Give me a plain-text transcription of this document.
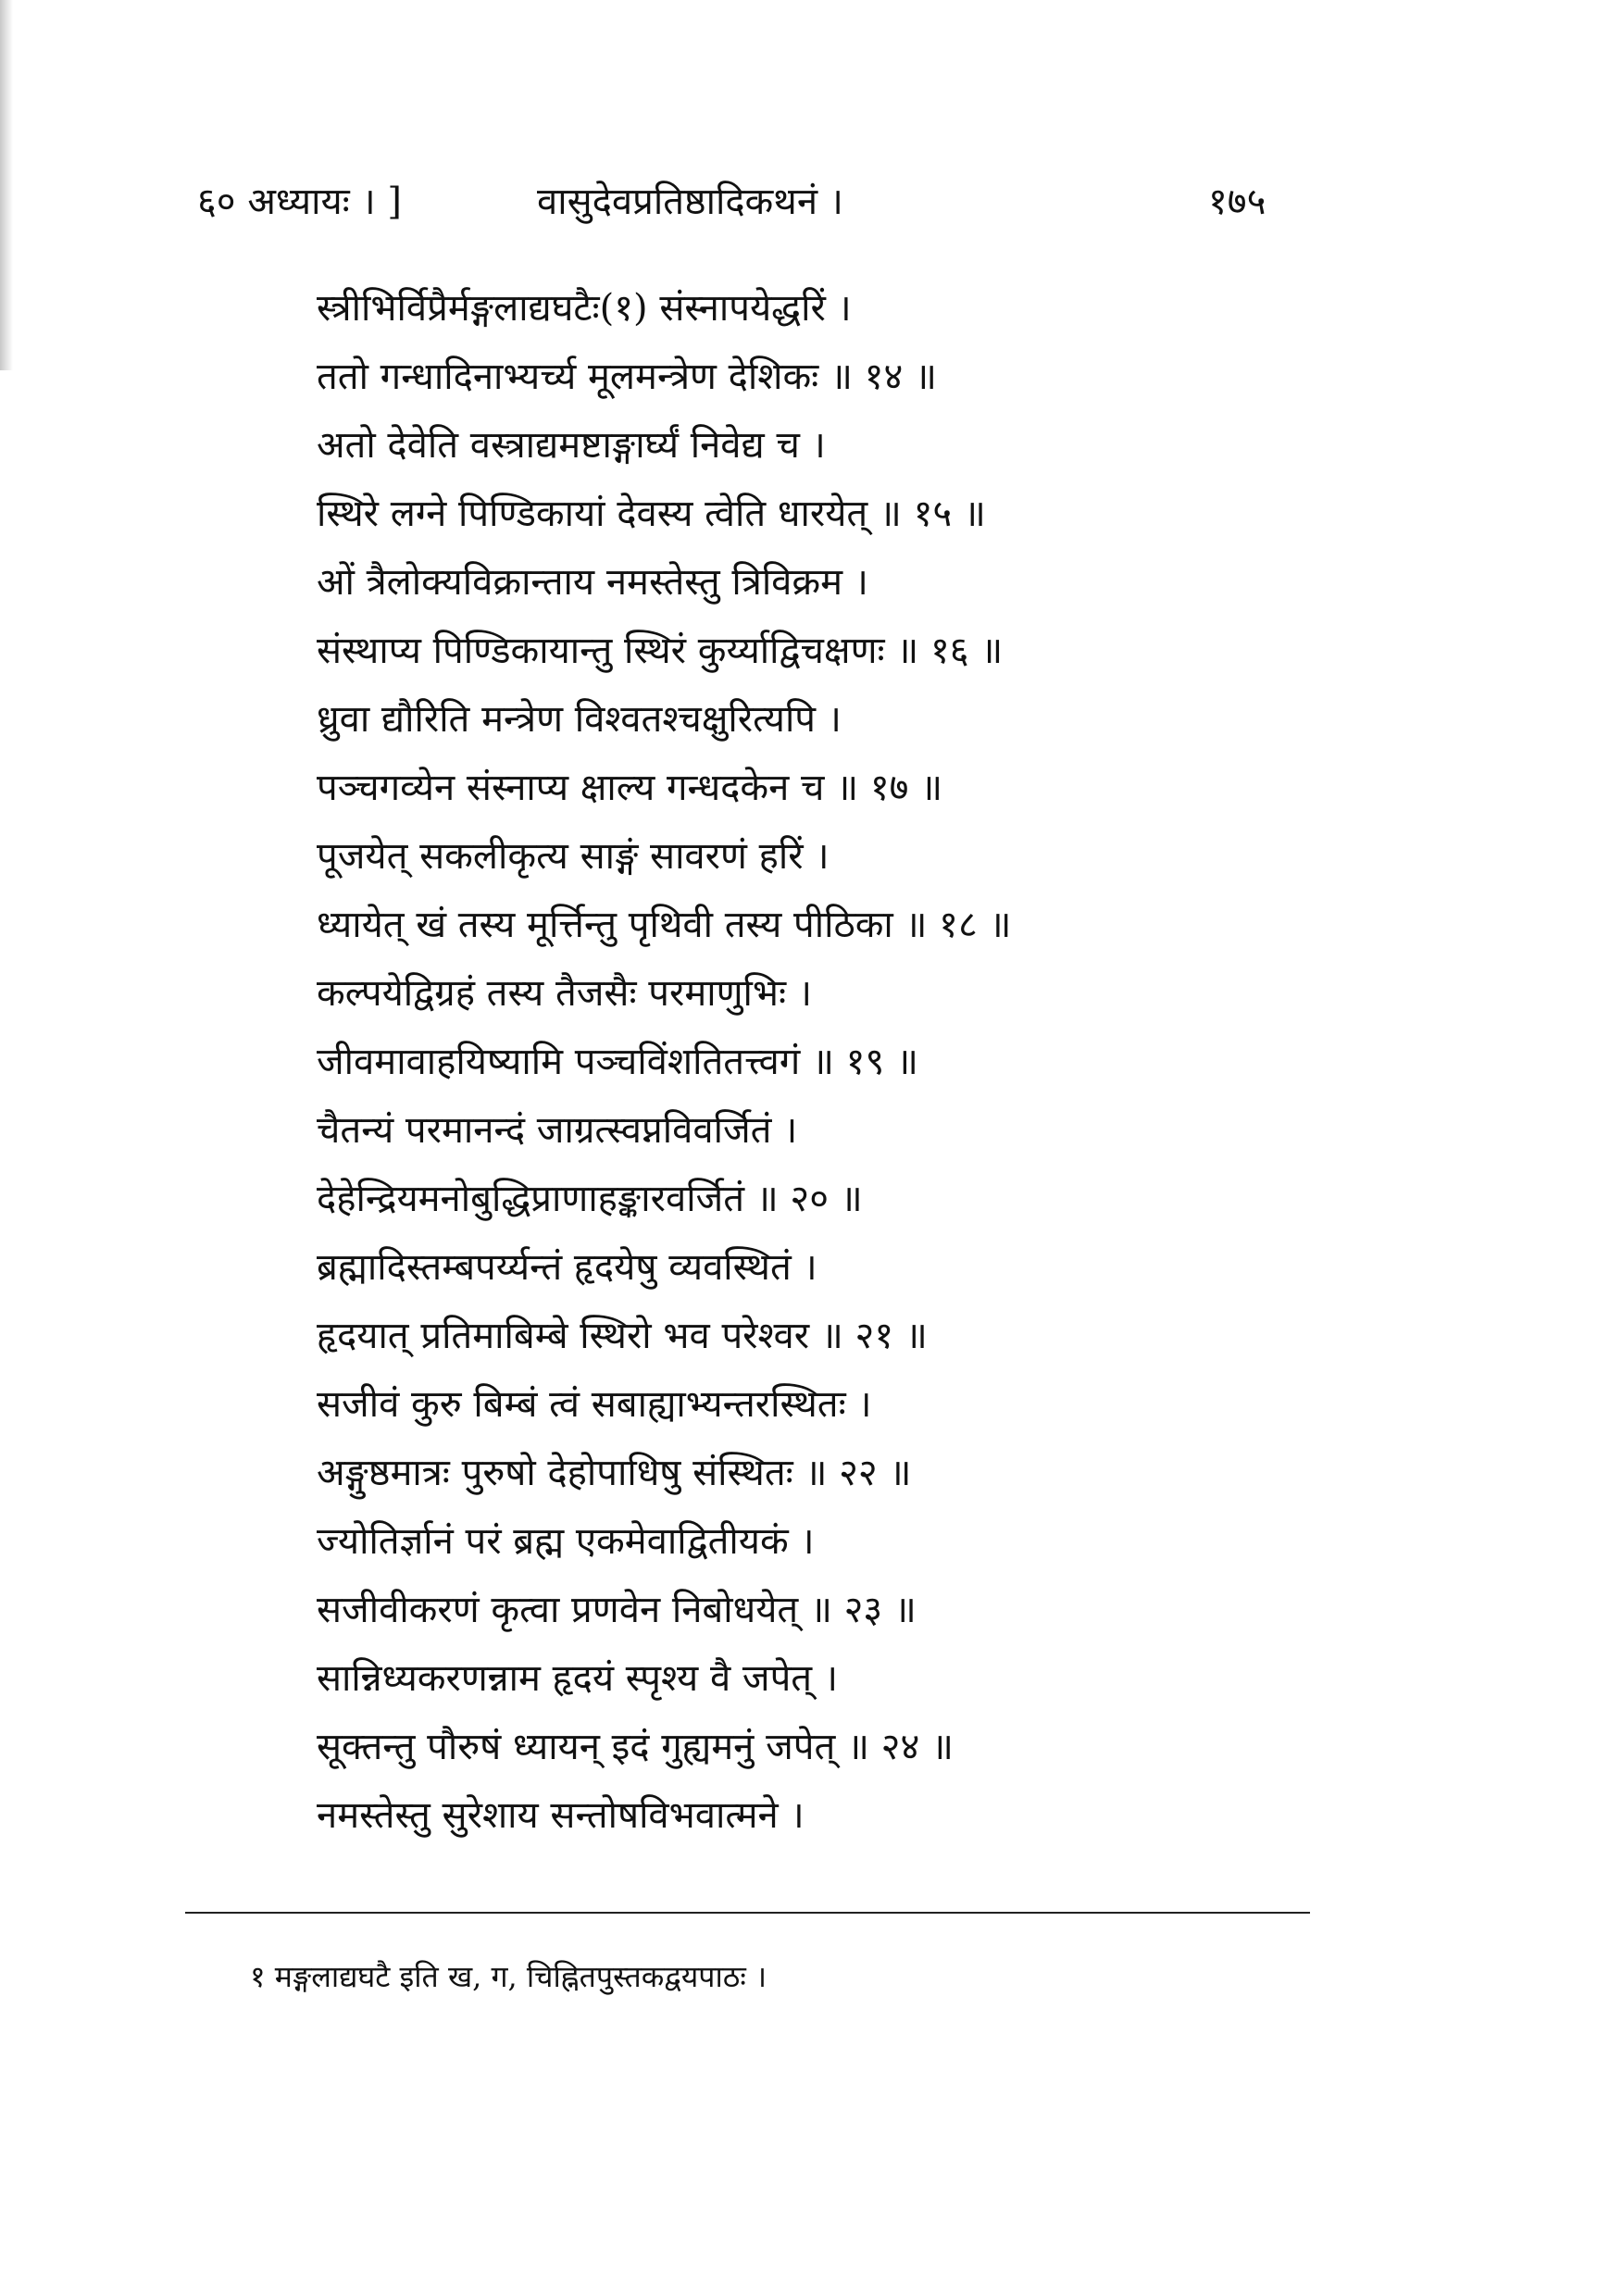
६० अध्यायः । ]	वासुदेवप्रतिष्ठादिकथनं ।	१७५
स्त्रीभिर्विप्रैर्मङ्गलाद्यघटैः(१) संस्नापयेद्धरिं ।
ततो गन्धादिनाभ्यर्च्य मूलमन्त्रेण देशिकः ॥ १४ ॥
अतो देवेति वस्त्राद्यमष्टाङ्गार्घ्यं निवेद्य च ।
स्थिरे लग्ने पिण्डिकायां देवस्य त्वेति धारयेत् ॥ १५ ॥
ओं त्रैलोक्यविक्रान्ताय नमस्तेस्तु त्रिविक्रम ।
संस्थाप्य पिण्डिकायान्तु स्थिरं कुर्य्याद्विचक्षणः ॥ १६ ॥
ध्रुवा द्यौरिति मन्त्रेण विश्वतश्चक्षुरित्यपि ।
पञ्चगव्येन संस्नाप्य क्षाल्य गन्धदकेन च ॥ १७ ॥
पूजयेत् सकलीकृत्य साङ्गं सावरणं हरिं ।
ध्यायेत् खं तस्य मूर्त्तिन्तु पृथिवी तस्य पीठिका ॥ १८ ॥
कल्पयेद्विग्रहं तस्य तैजसैः परमाणुभिः ।
जीवमावाहयिष्यामि पञ्चविंशतितत्त्वगं ॥ १९ ॥
चैतन्यं परमानन्दं जाग्रत्स्वप्नविवर्जितं ।
देहेन्द्रियमनोबुद्धिप्राणाहङ्कारवर्जितं ॥ २० ॥
ब्रह्मादिस्तम्बपर्य्यन्तं हृदयेषु व्यवस्थितं ।
हृदयात् प्रतिमाबिम्बे स्थिरो भव परेश्वर ॥ २१ ॥
सजीवं कुरु बिम्बं त्वं सबाह्याभ्यन्तरस्थितः ।
अङ्गुष्ठमात्रः पुरुषो देहोपाधिषु संस्थितः ॥ २२ ॥
ज्योतिर्ज्ञानं परं ब्रह्म एकमेवाद्वितीयकं ।
सजीवीकरणं कृत्वा प्रणवेन निबोधयेत् ॥ २३ ॥
सान्निध्यकरणन्नाम हृदयं स्पृश्य वै जपेत् ।
सूक्तन्तु पौरुषं ध्यायन् इदं गुह्यमनुं जपेत् ॥ २४ ॥
नमस्तेस्तु सुरेशाय सन्तोषविभवात्मने ।
१ मङ्गलाद्यघटै इति ख, ग, चिह्नितपुस्तकद्वयपाठः ।
